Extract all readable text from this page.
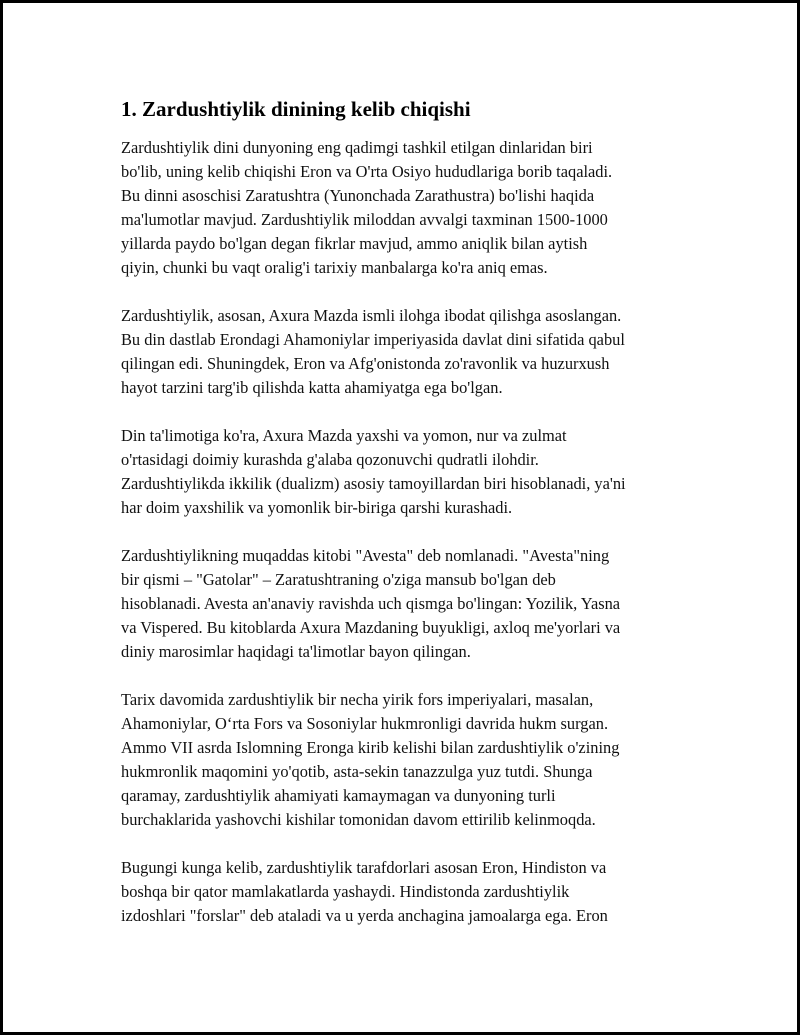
1. Zardushtiylik dinining kelib chiqishi

Zardushtiylik dini dunyoning eng qadimgi tashkil etilgan dinlaridan biri
bo'lib, uning kelib chiqishi Eron va O'rta Osiyo hududlariga borib taqaladi.
Bu dinni asoschisi Zaratushtra (Yunonchada Zarathustra) bo'lishi haqida
ma'lumotlar mavjud. Zardushtiylik miloddan avvalgi taxminan 1500-1000
yillarda paydo bo'lgan degan fikrlar mavjud, ammo aniqlik bilan aytish
qiyin, chunki bu vaqt oralig'i tarixiy manbalarga ko'ra aniq emas.

Zardushtiylik, asosan, Axura Mazda ismli ilohga ibodat qilishga asoslangan.
Bu din dastlab Erondagi Ahamoniylar imperiyasida davlat dini sifatida qabul
qilingan edi. Shuningdek, Eron va Afg'onistonda zo'ravonlik va huzurxush
hayot tarzini targ'ib qilishda katta ahamiyatga ega bo'lgan.

Din ta'limotiga ko'ra, Axura Mazda yaxshi va yomon, nur va zulmat
o'rtasidagi doimiy kurashda g'alaba qozonuvchi qudratli ilohdir.
Zardushtiylikda ikkilik (dualizm) asosiy tamoyillardan biri hisoblanadi, ya'ni
har doim yaxshilik va yomonlik bir-biriga qarshi kurashadi.

Zardushtiylikning muqaddas kitobi "Avesta" deb nomlanadi. "Avesta"ning
bir qismi – "Gatolar" – Zaratushtraning o'ziga mansub bo'lgan deb
hisoblanadi. Avesta an'anaviy ravishda uch qismga bo'lingan: Yozilik, Yasna
va Vispered. Bu kitoblarda Axura Mazdaning buyukligi, axloq me'yorlari va
diniy marosimlar haqidagi ta'limotlar bayon qilingan.

Tarix davomida zardushtiylik bir necha yirik fors imperiyalari, masalan,
Ahamoniylar, O‘rta Fors va Sosoniylar hukmronligi davrida hukm surgan.
Ammo VII asrda Islomning Eronga kirib kelishi bilan zardushtiylik o'zining
hukmronlik maqomini yo'qotib, asta-sekin tanazzulga yuz tutdi. Shunga
qaramay, zardushtiylik ahamiyati kamaymagan va dunyoning turli
burchaklarida yashovchi kishilar tomonidan davom ettirilib kelinmoqda.

Bugungi kunga kelib, zardushtiylik tarafdorlari asosan Eron, Hindiston va
boshqa bir qator mamlakatlarda yashaydi. Hindistonda zardushtiylik
izdoshlari "forslar" deb ataladi va u yerda anchagina jamoalarga ega. Eron
